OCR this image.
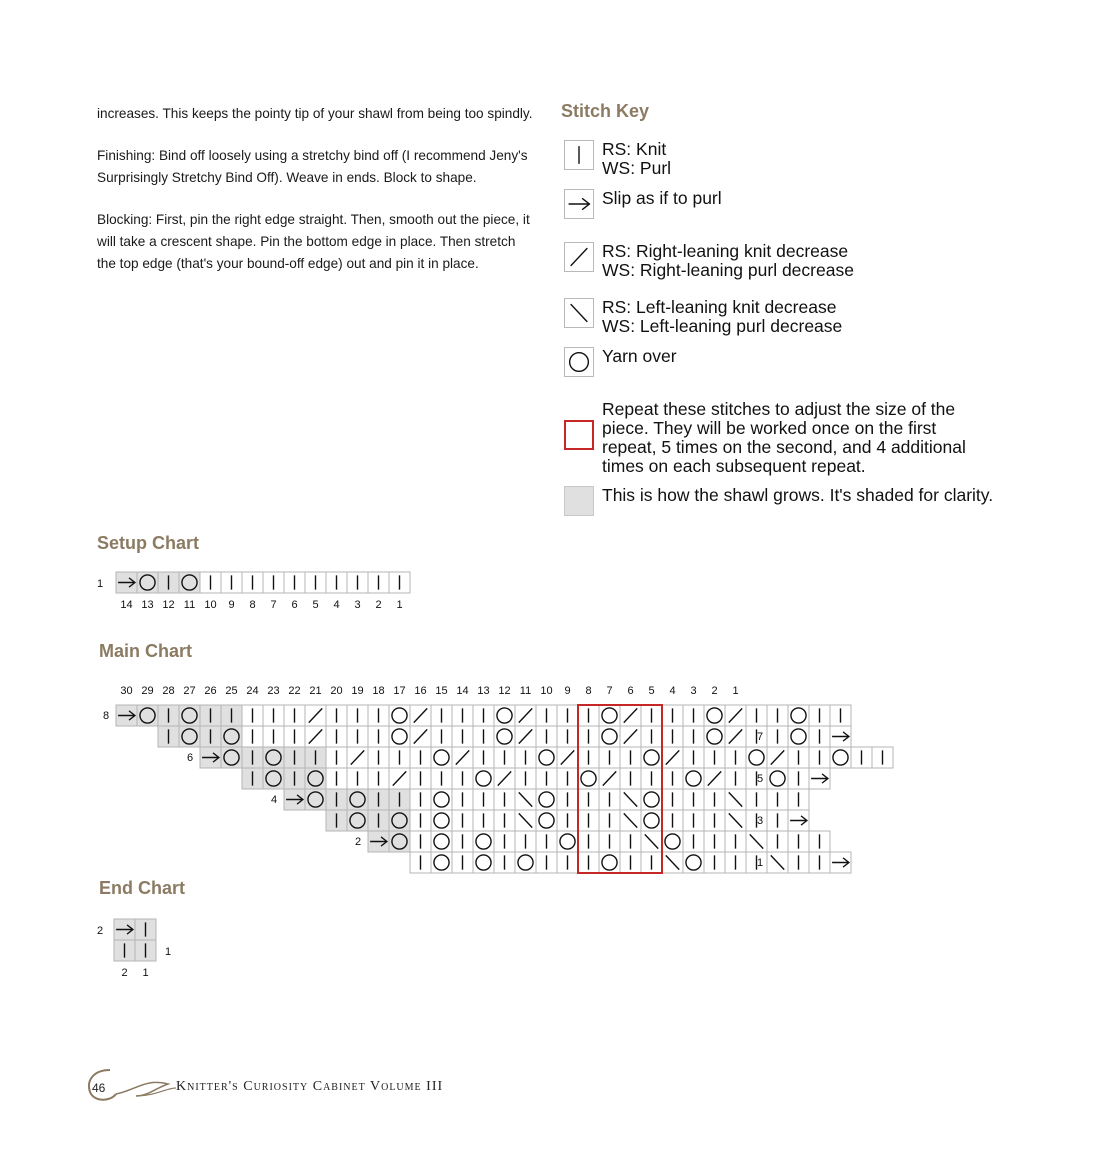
increases. This keeps the pointy tip of your shawl from being too spindly.

Finishing: Bind off loosely using a stretchy bind off (I recommend Jeny's Surprisingly Stretchy Bind Off). Weave in ends. Block to shape.

Blocking: First, pin the right edge straight. Then, smooth out the piece, it will take a crescent shape. Pin the bottom edge in place. Then stretch the top edge (that's your bound-off edge) out and pin it in place.

Stitch Key
RS: Knit
WS: Purl
Slip as if to purl
RS: Right-leaning knit decrease
WS: Right-leaning purl decrease
RS: Left-leaning knit decrease
WS: Left-leaning purl decrease
Yarn over
Repeat these stitches to adjust the size of the
piece. They will be worked once on the first
repeat, 5 times on the second, and 4 additional
times on each subsequent repeat.
This is how the shawl grows. It's shaded for clarity.
Setup Chart
1
14 13 12 11 10 9 8 7 6 5 4 3 2 1
Main Chart
30 29 28 27 26 25 24 23 22 21 20 19 18 17 16 15 14 13 12 11 10 9 8 7 6 5 4 3 2 1
8
7
6
5
4
3
2
1
End Chart
2
1
2 1
46	Knitter's Curiosity Cabinet Volume III
